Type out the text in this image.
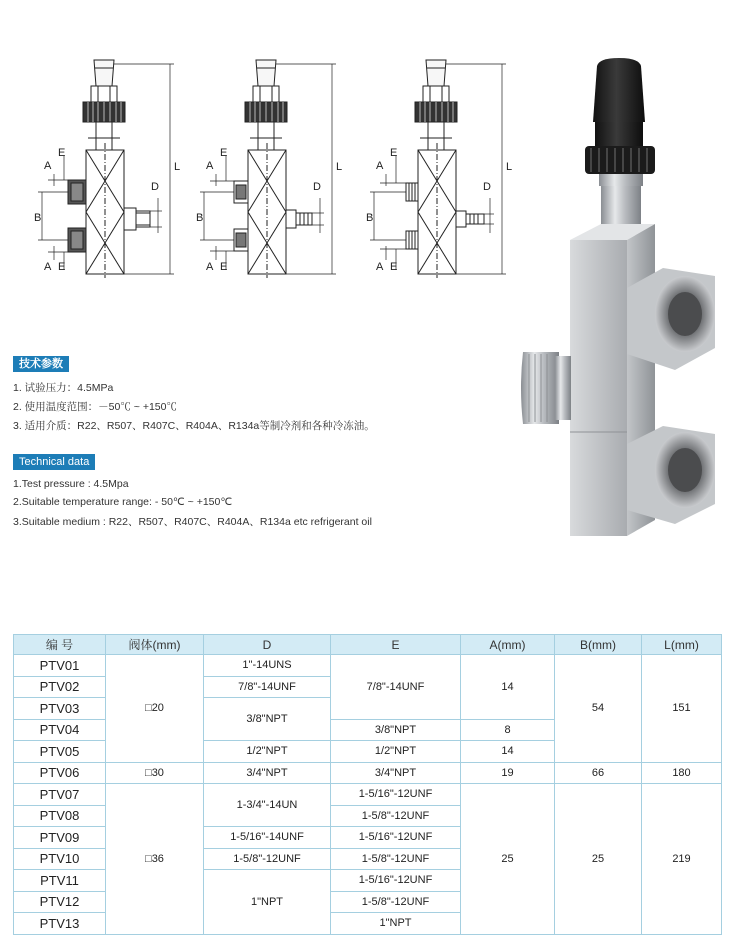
L
D
B
A
A
E
E
L
D
B
A
A
E
E
L
D
B
A
A
E
E
技术参数
1. 试验压力：4.5MPa
2. 使用温度范围：－50℃ ~ +150℃
3. 适用介质：R22、R507、R407C、R404A、R134a等制冷剂和各种冷冻油。
Technical data
1.Test pressure : 4.5Mpa
2.Suitable temperature range: - 50℃ ~ +150℃
3.Suitable medium : R22、R507、R407C、R404A、R134a etc refrigerant oil
编 号	阀体(mm)	D	E	A(mm)	B(mm)	L(mm)
PTV01	□20	1"-14UNS	7/8"-14UNF	14	54	151
PTV02		7/8"-14UNF				
PTV03		3/8"NPT				
PTV04			3/8"NPT	8		
PTV05		1/2"NPT	1/2"NPT	14		
PTV06	□30	3/4"NPT	3/4"NPT	19	66	180
PTV07	□36	1-3/4"-14UN	1-5/16"-12UNF	25	25	219
PTV08			1-5/8"-12UNF			
PTV09		1-5/16"-14UNF	1-5/16"-12UNF			
PTV10		1-5/8"-12UNF	1-5/8"-12UNF			
PTV11		1"NPT	1-5/16"-12UNF			
PTV12			1-5/8"-12UNF			
PTV13			1"NPT			
